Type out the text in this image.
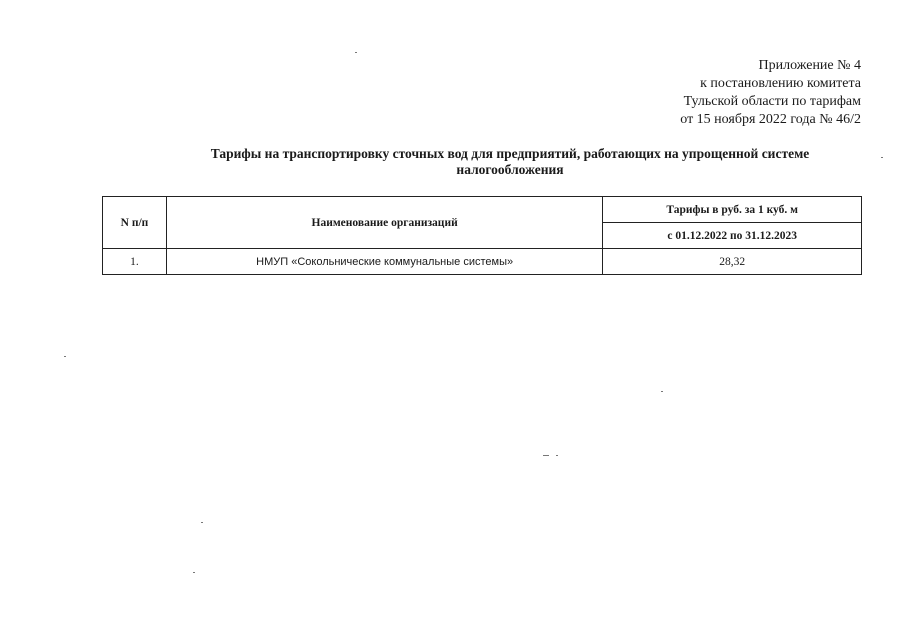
Приложение № 4
к постановлению комитета
Тульской области по тарифам
от 15 ноября 2022 года № 46/2
Тарифы на транспортировку сточных вод для предприятий, работающих на упрощенной системе
налогообложения
N п/п	Наименование организаций	Тарифы в руб. за 1 куб. м
		с 01.12.2022 по 31.12.2023
1.	НМУП «Сокольнические коммунальные системы»	28,32
